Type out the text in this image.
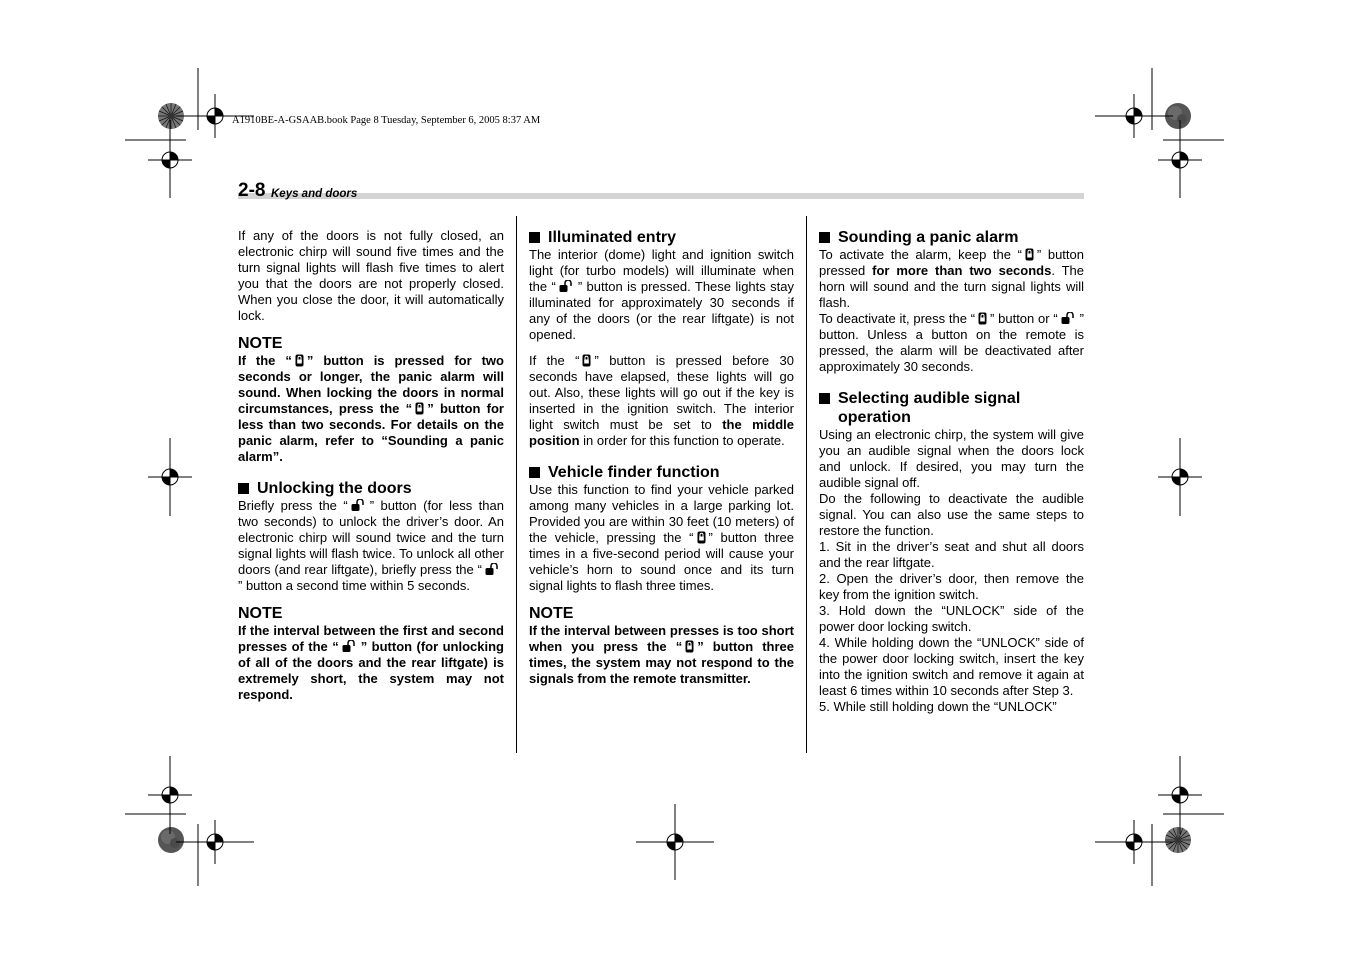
A1910BE-A-GSAAB.book Page 8 Tuesday, September 6, 2005 8:37 AM
2-8 Keys and doors

If any of the doors is not fully closed, an electronic chirp will sound five times and the turn signal lights will flash five times to alert you that the doors are not properly closed. When you close the door, it will automatically lock.

NOTE

If the “ ” button is pressed for two seconds or longer, the panic alarm will sound. When locking the doors in normal circumstances, press the “ ” button for less than two seconds. For details on the panic alarm, refer to “Sounding a panic alarm”.

Unlocking the doors

Briefly press the “ ” button (for less than two seconds) to unlock the driver’s door. An electronic chirp will sound twice and the turn signal lights will flash twice. To unlock all other doors (and rear liftgate), briefly press the “” button a second time within 5 seconds.

NOTE

If the interval between the first and second presses of the “ ” button (for unlocking of all of the doors and the rear liftgate) is extremely short, the system may not respond.

Illuminated entry

The interior (dome) light and ignition switch light (for turbo models) will illuminate when the “ ” button is pressed. These lights stay illuminated for approximately 30 seconds if any of the doors (or the rear liftgate) is not opened.

If the “ ” button is pressed before 30 seconds have elapsed, these lights will go out. Also, these lights will go out if the key is inserted in the ignition switch. The interior light switch must be set to the middle position in order for this function to operate.

Vehicle finder function

Use this function to find your vehicle parked among many vehicles in a large parking lot. Provided you are within 30 feet (10 meters) of the vehicle, pressing the “ ” button three times in a five-second period will cause your vehicle’s horn to sound once and its turn signal lights to flash three times.

NOTE

If the interval between presses is too short when you press the “ ” button three times, the system may not respond to the signals from the remote transmitter.

Sounding a panic alarm

To activate the alarm, keep the “ ” button pressed for more than two seconds. The horn will sound and the turn signal lights will flash.

To deactivate it, press the “ ” button or “ ” button. Unless a button on the remote is pressed, the alarm will be deactivated after approximately 30 seconds.

Selecting audible signal operation

Using an electronic chirp, the system will give you an audible signal when the doors lock and unlock. If desired, you may turn the audible signal off.

Do the following to deactivate the audible signal. You can also use the same steps to restore the function.

1. Sit in the driver’s seat and shut all doors and the rear liftgate.

2. Open the driver’s door, then remove the key from the ignition switch.

3. Hold down the “UNLOCK” side of the power door locking switch.

4. While holding down the “UNLOCK” side of the power door locking switch, insert the key into the ignition switch and remove it again at least 6 times within 10 seconds after Step 3.

5. While still holding down the “UNLOCK”
